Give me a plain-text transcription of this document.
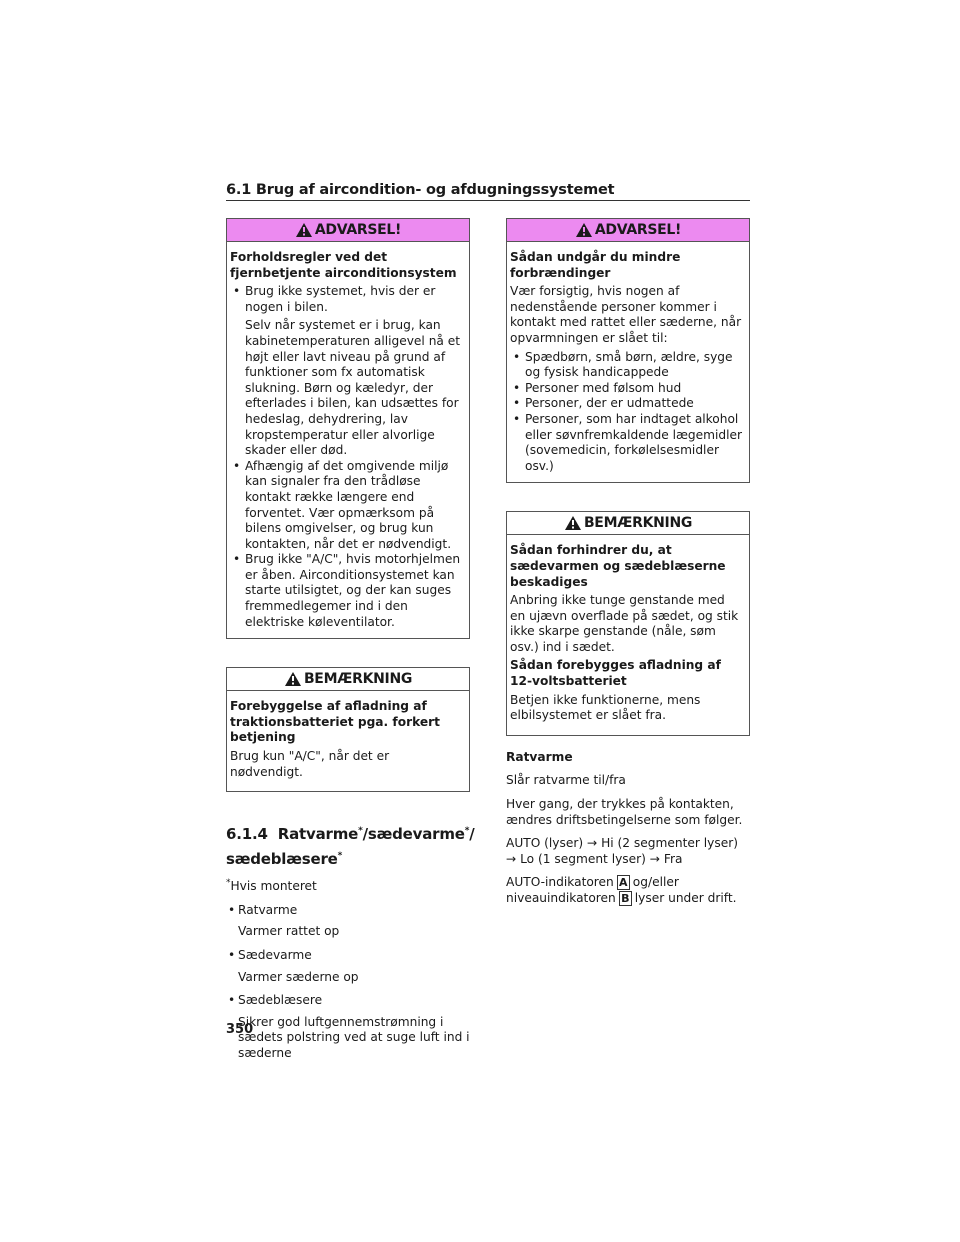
6.1 Brug af aircondition- og afdugningssystemet
ADVARSEL!

Forholdsregler ved det fjernbetjente airconditionsystem

• Brug ikke systemet, hvis der er nogen i bilen.
Selv når systemet er i brug, kan kabinetemperaturen alligevel nå et højt eller lavt niveau på grund af funktioner som fx automatisk slukning. Børn og kæledyr, der efterlades i bilen, kan udsættes for hedeslag, dehydrering, lav kropstemperatur eller alvorlige skader eller død.
• Afhængig af det omgivende miljø kan signaler fra den trådløse kontakt række længere end forventet. Vær opmærksom på bilens omgivelser, og brug kun kontakten, når det er nødvendigt.
• Brug ikke "A/C", hvis motorhjelmen er åben. Airconditionsystemet kan starte utilsigtet, og der kan suges fremmedlegemer ind i den elektriske køleventilator.
BEMÆRKNING

Forebyggelse af afladning af traktionsbatteriet pga. forkert betjening

Brug kun "A/C", når det er nødvendigt.

6.1.4 Ratvarme*/sædevarme*/
sædeblæsere*

*Hvis monteret

• Ratvarme
Varmer rattet op
• Sædevarme
Varmer sæderne op
• Sædeblæsere
Sikrer god luftgennemstrømning i sædets polstring ved at suge luft ind i sæderne
ADVARSEL!

Sådan undgår du mindre forbrændinger

Vær forsigtig, hvis nogen af nedenstående personer kommer i kontakt med rattet eller sæderne, når opvarmningen er slået til:

• Spædbørn, små børn, ældre, syge og fysisk handicappede
• Personer med følsom hud
• Personer, der er udmattede
• Personer, som har indtaget alkohol eller søvnfremkaldende lægemidler (sovemedicin, forkølelsesmidler osv.)
BEMÆRKNING

Sådan forhindrer du, at sædevarmen og sædeblæserne beskadiges

Anbring ikke tunge genstande med en ujævn overflade på sædet, og stik ikke skarpe genstande (nåle, søm osv.) ind i sædet.

Sådan forebygges afladning af 12-voltsbatteriet

Betjen ikke funktionerne, mens elbilsystemet er slået fra.

Ratvarme

Slår ratvarme til/fra

Hver gang, der trykkes på kontakten, ændres driftsbetingelserne som følger.

AUTO (lyser) → Hi (2 segmenter lyser) → Lo (1 segment lyser) → Fra

AUTO-indikatoren A og/eller
niveauindikatoren B lyser under drift.

350
